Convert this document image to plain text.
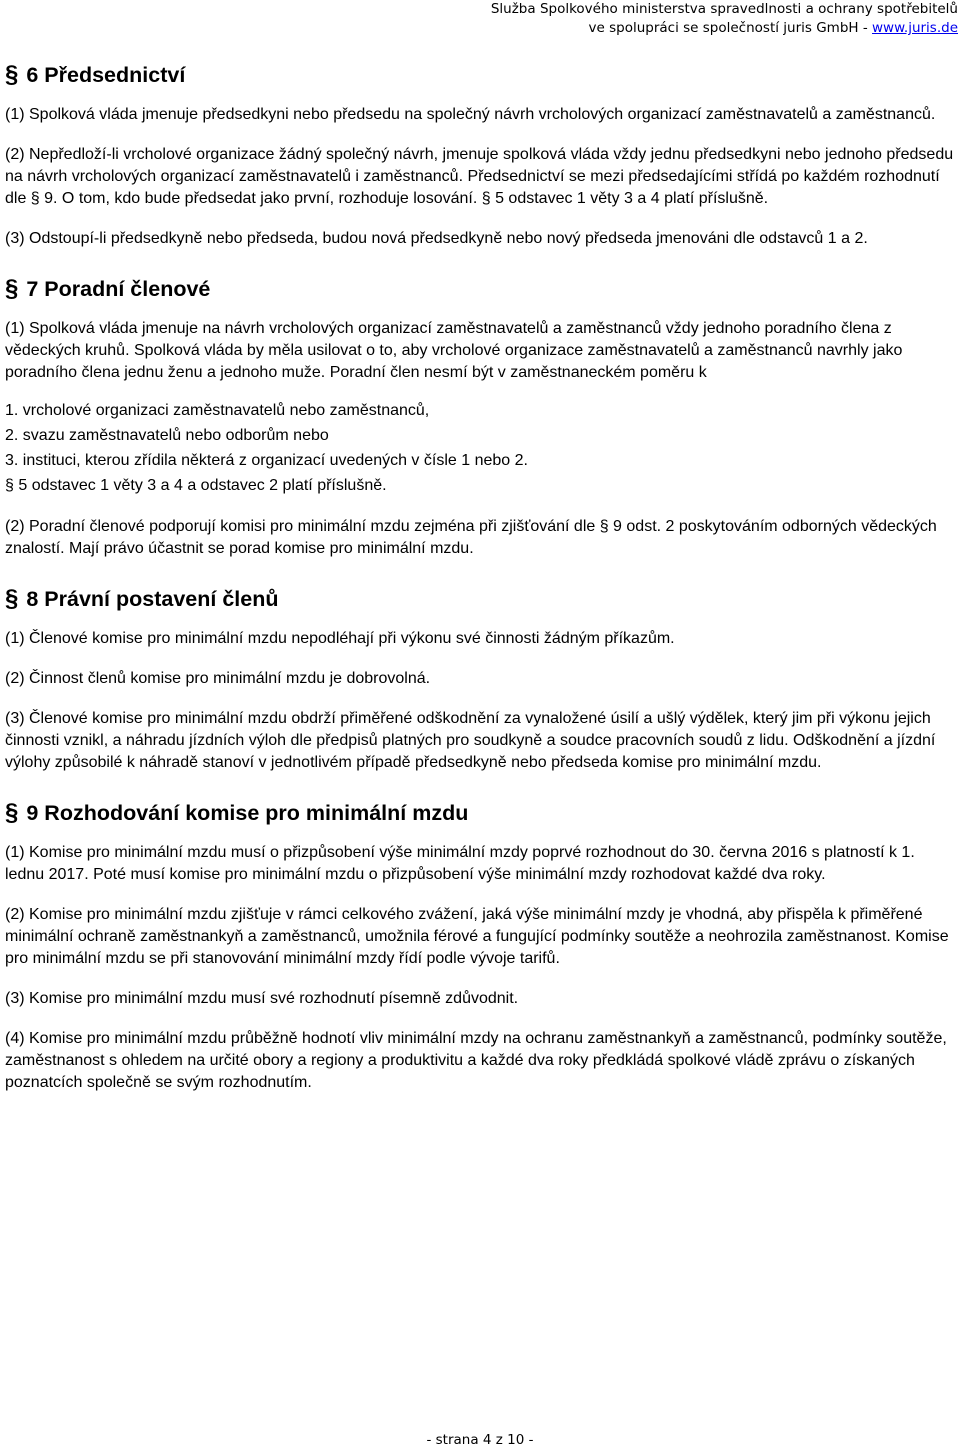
Služba Spolkového ministerstva spravedlnosti a ochrany spotřebitelů
ve spolupráci se společností juris GmbH - www.juris.de
§ 6 Předsednictví

(1) Spolková vláda jmenuje předsedkyni nebo předsedu na společný návrh vrcholových organizací zaměstnavatelů a zaměstnanců.

(2) Nepředloží-li vrcholové organizace žádný společný návrh, jmenuje spolková vláda vždy jednu předsedkyni nebo jednoho předsedu na návrh vrcholových organizací zaměstnavatelů i zaměstnanců. Předsednictví se mezi předsedajícími střídá po každém rozhodnutí dle § 9. O tom, kdo bude předsedat jako první, rozhoduje losování. § 5 odstavec 1 věty 3 a 4 platí příslušně.

(3) Odstoupí-li předsedkyně nebo předseda, budou nová předsedkyně nebo nový předseda jmenováni dle odstavců 1 a 2.

§ 7 Poradní členové

(1) Spolková vláda jmenuje na návrh vrcholových organizací zaměstnavatelů a zaměstnanců vždy jednoho poradního člena z vědeckých kruhů. Spolková vláda by měla usilovat o to, aby vrcholové organizace zaměstnavatelů a zaměstnanců navrhly jako poradního člena jednu ženu a jednoho muže. Poradní člen nesmí být v zaměstnaneckém poměru k

1. vrcholové organizaci zaměstnavatelů nebo zaměstnanců,

2. svazu zaměstnavatelů nebo odborům nebo

3. instituci, kterou zřídila některá z organizací uvedených v čísle 1 nebo 2.

§ 5 odstavec 1 věty 3 a 4 a odstavec 2 platí příslušně.

(2) Poradní členové podporují komisi pro minimální mzdu zejména při zjišťování dle § 9 odst. 2 poskytováním odborných vědeckých znalostí. Mají právo účastnit se porad komise pro minimální mzdu.

§ 8 Právní postavení členů

(1) Členové komise pro minimální mzdu nepodléhají při výkonu své činnosti žádným příkazům.

(2) Činnost členů komise pro minimální mzdu je dobrovolná.

(3) Členové komise pro minimální mzdu obdrží přiměřené odškodnění za vynaložené úsilí a ušlý výdělek, který jim při výkonu jejich činnosti vznikl, a náhradu jízdních výloh dle předpisů platných pro soudkyně a soudce pracovních soudů z lidu. Odškodnění a jízdní výlohy způsobilé k náhradě stanoví v jednotlivém případě předsedkyně nebo předseda komise pro minimální mzdu.

§ 9 Rozhodování komise pro minimální mzdu

(1) Komise pro minimální mzdu musí o přizpůsobení výše minimální mzdy poprvé rozhodnout do 30. června 2016 s platností k 1. lednu 2017. Poté musí komise pro minimální mzdu o přizpůsobení výše minimální mzdy rozhodovat každé dva roky.

(2) Komise pro minimální mzdu zjišťuje v rámci celkového zvážení, jaká výše minimální mzdy je vhodná, aby přispěla k přiměřené minimální ochraně zaměstnankyň a zaměstnanců, umožnila férové a fungující podmínky soutěže a neohrozila zaměstnanost. Komise pro minimální mzdu se při stanovování minimální mzdy řídí podle vývoje tarifů.

(3) Komise pro minimální mzdu musí své rozhodnutí písemně zdůvodnit.

(4) Komise pro minimální mzdu průběžně hodnotí vliv minimální mzdy na ochranu zaměstnankyň a zaměstnanců, podmínky soutěže, zaměstnanost s ohledem na určité obory a regiony a produktivitu a každé dva roky předkládá spolkové vládě zprávu o získaných poznatcích společně se svým rozhodnutím.

- strana 4 z 10 -
